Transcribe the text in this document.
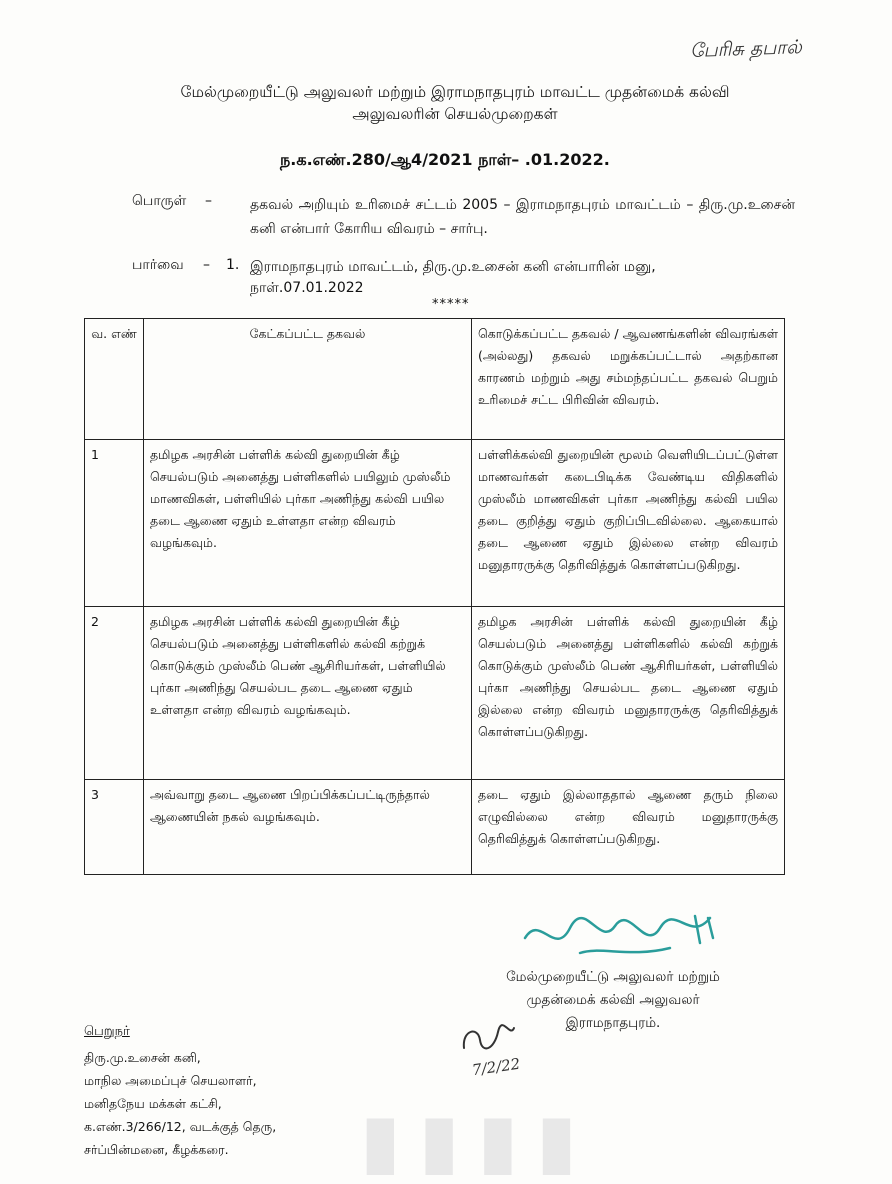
பேரிசு தபால்
மேல்முறையீட்டு அலுவலர் மற்றும் இராமநாதபுரம் மாவட்ட முதன்மைக் கல்வி
அலுவலரின் செயல்முறைகள்
ந.க.எண்.280/ஆ4/2021 நாள்– .01.2022.
பொருள் –	தகவல் அறியும் உரிமைச் சட்டம் 2005 – இராமநாதபுரம் மாவட்டம் – திரு.மு.உசைன் கனி என்பார் கோரிய விவரம் – சார்பு.
பார்வை – 1. இராமநாதபுரம் மாவட்டம், திரு.மு.உசைன் கனி என்பாரின் மனு, நாள்.07.01.2022
*****
வ. எண்	கேட்கப்பட்ட தகவல்	கொடுக்கப்பட்ட தகவல் / ஆவணங்களின் விவரங்கள் (அல்லது) தகவல் மறுக்கப்பட்டால் அதற்கான காரணம் மற்றும் அது சம்மந்தப்பட்ட தகவல் பெறும் உரிமைச் சட்ட பிரிவின் விவரம்.
1	தமிழக அரசின் பள்ளிக் கல்வி துறையின் கீழ் செயல்படும் அனைத்து பள்ளிகளில் பயிலும் முஸ்லீம் மாணவிகள், பள்ளியில் புர்கா அணிந்து கல்வி பயில தடை ஆணை ஏதும் உள்ளதா என்ற விவரம் வழங்கவும்.	பள்ளிக்கல்வி துறையின் மூலம் வெளியிடப்பட்டுள்ள மாணவர்கள் கடைபிடிக்க வேண்டிய விதிகளில் முஸ்லீம் மாணவிகள் புர்கா அணிந்து கல்வி பயில தடை குறித்து ஏதும் குறிப்பிடவில்லை. ஆகையால் தடை ஆணை ஏதும் இல்லை என்ற விவரம் மனுதாரருக்கு தெரிவித்துக் கொள்ளப்படுகிறது.
2	தமிழக அரசின் பள்ளிக் கல்வி துறையின் கீழ் செயல்படும் அனைத்து பள்ளிகளில் கல்வி கற்றுக் கொடுக்கும் முஸ்லீம் பெண் ஆசிரியர்கள், பள்ளியில் புர்கா அணிந்து செயல்பட தடை ஆணை ஏதும் உள்ளதா என்ற விவரம் வழங்கவும்.	தமிழக அரசின் பள்ளிக் கல்வி துறையின் கீழ் செயல்படும் அனைத்து பள்ளிகளில் கல்வி கற்றுக் கொடுக்கும் முஸ்லீம் பெண் ஆசிரியர்கள், பள்ளியில் புர்கா அணிந்து செயல்பட தடை ஆணை ஏதும் இல்லை என்ற விவரம் மனுதாரருக்கு தெரிவித்துக் கொள்ளப்படுகிறது.
3	அவ்வாறு தடை ஆணை பிறப்பிக்கப்பட்டிருந்தால் ஆணையின் நகல் வழங்கவும்.	தடை ஏதும் இல்லாததால் ஆணை தரும் நிலை எழுவில்லை என்ற விவரம் மனுதாரருக்கு தெரிவித்துக் கொள்ளப்படுகிறது.
மேல்முறையீட்டு அலுவலர் மற்றும்
முதன்மைக் கல்வி அலுவலர்
இராமநாதபுரம்.
7/2/22
பெறுநர்
திரு.மு.உசைன் கனி,
மாநில அமைப்புச் செயலாளர்,
மனிதநேய மக்கள் கட்சி,
க.எண்.3/266/12, வடக்குத் தெரு,
சர்ப்பின்மனை, கீழக்கரை.	▮▮▮▮
